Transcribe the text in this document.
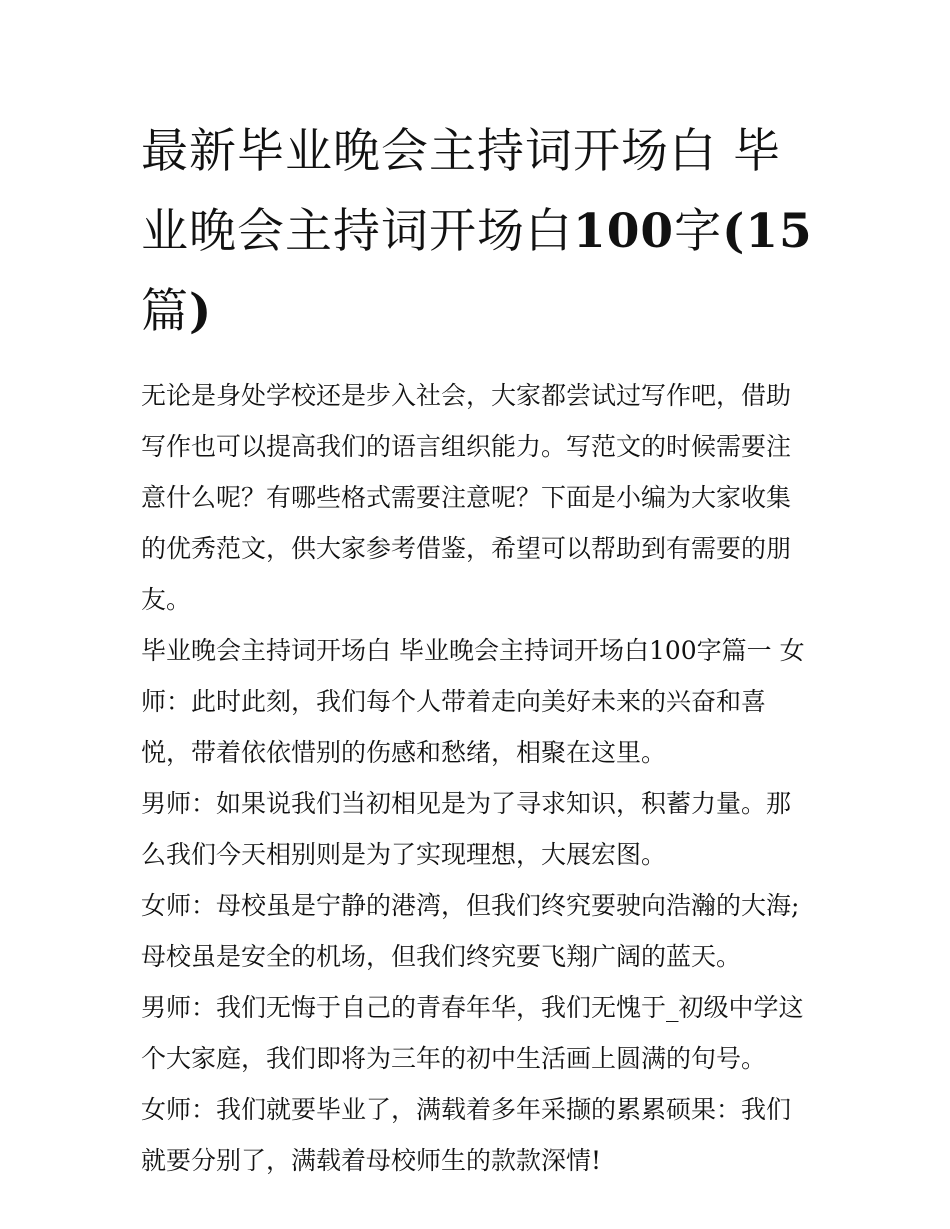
最新毕业晚会主持词开场白 毕业晚会主持词开场白100字(15篇)

无论是身处学校还是步入社会，大家都尝试过写作吧，借助写作也可以提高我们的语言组织能力。写范文的时候需要注意什么呢？有哪些格式需要注意呢？下面是小编为大家收集的优秀范文，供大家参考借鉴，希望可以帮助到有需要的朋友。

毕业晚会主持词开场白 毕业晚会主持词开场白100字篇一 女师：此时此刻，我们每个人带着走向美好未来的兴奋和喜悦，带着依依惜别的伤感和愁绪，相聚在这里。

男师：如果说我们当初相见是为了寻求知识，积蓄力量。那么我们今天相别则是为了实现理想，大展宏图。

女师：母校虽是宁静的港湾，但我们终究要驶向浩瀚的大海;母校虽是安全的机场，但我们终究要飞翔广阔的蓝天。

男师：我们无悔于自己的青春年华，我们无愧于_初级中学这个大家庭，我们即将为三年的初中生活画上圆满的句号。

女师：我们就要毕业了，满载着多年采撷的累累硕果：我们就要分别了，满载着母校师生的款款深情!
